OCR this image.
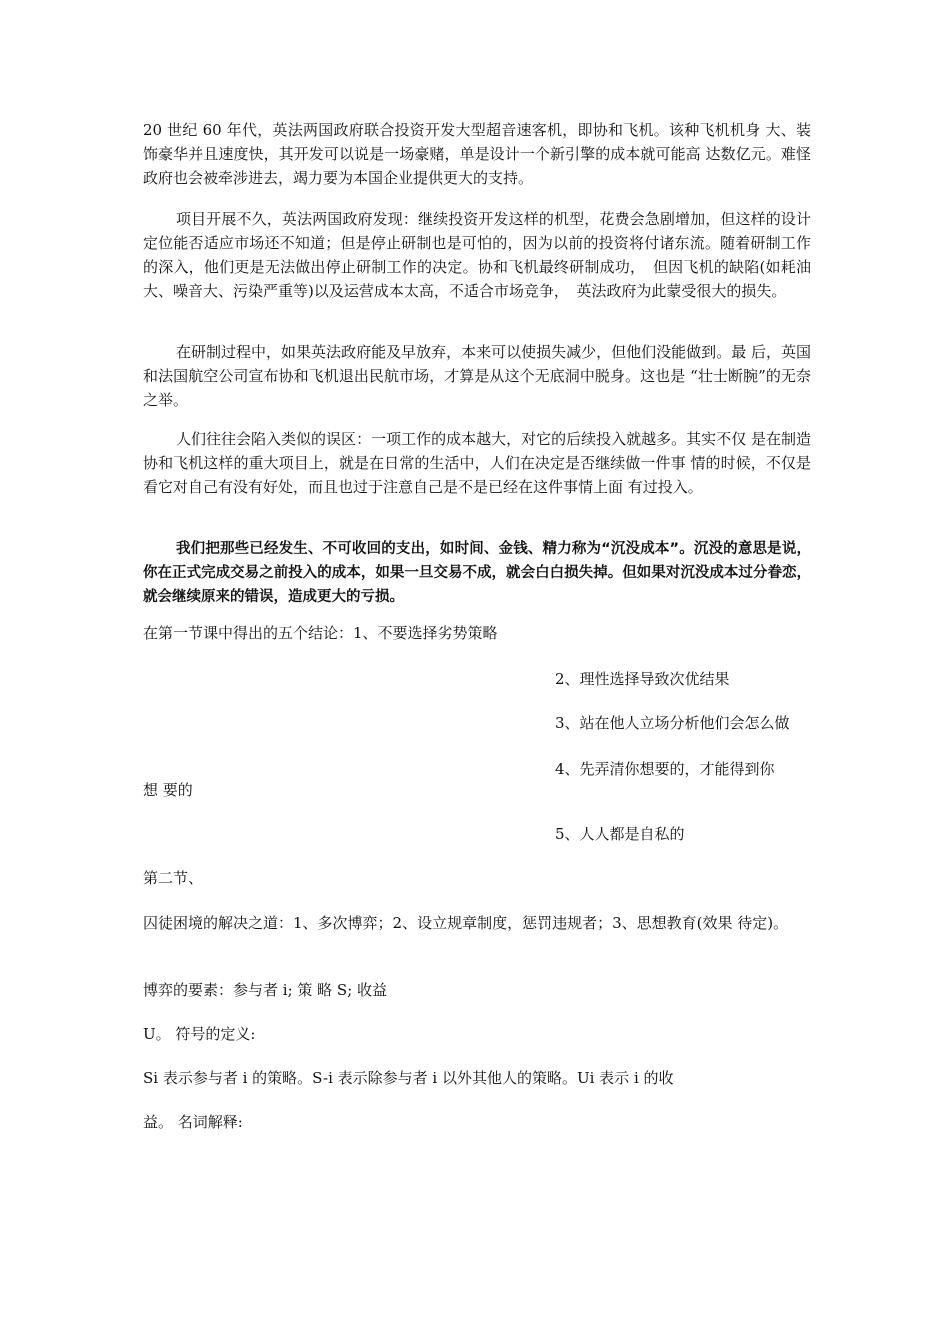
20 世纪 60 年代，英法两国政府联合投资开发大型超音速客机，即协和飞机。该种飞机机身 大、装饰豪华并且速度快，其开发可以说是一场豪赌，单是设计一个新引擎的成本就可能高 达数亿元。难怪政府也会被牵涉进去，竭力要为本国企业提供更大的支持。

项目开展不久，英法两国政府发现：继续投资开发这样的机型，花费会急剧增加，但这样的设计定位能否适应市场还不知道；但是停止研制也是可怕的，因为以前的投资将付诸东流。随着研制工作的深入，他们更是无法做出停止研制工作的决定。协和飞机最终研制成功，　但因飞机的缺陷(如耗油大、噪音大、污染严重等)以及运营成本太高，不适合市场竞争，　英法政府为此蒙受很大的损失。

在研制过程中，如果英法政府能及早放弃，本来可以使损失减少，但他们没能做到。最 后，英国和法国航空公司宣布协和飞机退出民航市场，才算是从这个无底洞中脱身。这也是 “壮士断腕”的无奈之举。

人们往往会陷入类似的误区：一项工作的成本越大，对它的后续投入就越多。其实不仅 是在制造协和飞机这样的重大项目上，就是在日常的生活中，人们在决定是否继续做一件事 情的时候，不仅是看它对自己有没有好处，而且也过于注意自己是不是已经在这件事情上面 有过投入。

我们把那些已经发生、不可收回的支出，如时间、金钱、精力称为“沉没成本”。沉没的意思是说，你在正式完成交易之前投入的成本，如果一旦交易不成，就会白白损失掉。但如果对沉没成本过分眷恋，就会继续原来的错误，造成更大的亏损。

在第一节课中得出的五个结论：1、不要选择劣势策略

2、理性选择导致次优结果

3、站在他人立场分析他们会怎么做

4、先弄清你想要的，才能得到你

想 要的

5、人人都是自私的

第二节、

囚徒困境的解决之道：1、多次博弈；2、设立规章制度，惩罚违规者；3、思想教育(效果 待定)。

博弈的要素：参与者 i; 策 略 S; 收益

U。 符号的定义:

Si 表示参与者 i 的策略。S-i 表示除参与者 i 以外其他人的策略。Ui 表示 i 的收

益。 名词解释:
